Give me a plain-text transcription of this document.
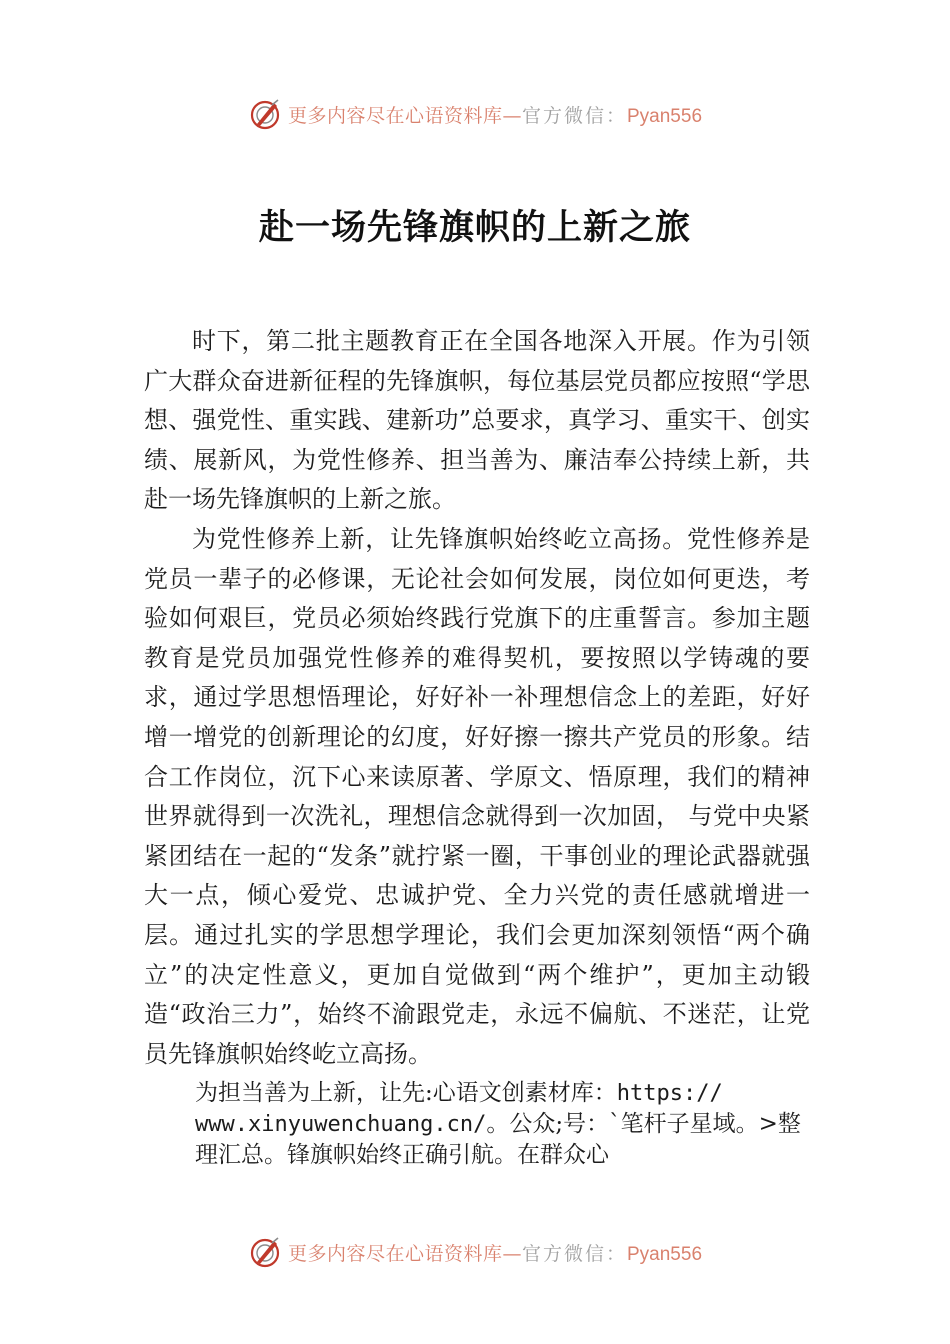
更多内容尽在心语资料库—官方微信：Pyan556
赴一场先锋旗帜的上新之旅

时下，第二批主题教育正在全国各地深入开展。作为引领广大群众奋进新征程的先锋旗帜，每位基层党员都应按照“学思想、强党性、重实践、建新功”总要求，真学习、重实干、创实绩、展新风，为党性修养、担当善为、廉洁奉公持续上新，共赴一场先锋旗帜的上新之旅。

为党性修养上新，让先锋旗帜始终屹立高扬。党性修养是党员一辈子的必修课，无论社会如何发展，岗位如何更迭，考验如何艰巨，党员必须始终践行党旗下的庄重誓言。参加主题教育是党员加强党性修养的难得契机，要按照以学铸魂的要求，通过学思想悟理论，好好补一补理想信念上的差距，好好增一增党的创新理论的幻度，好好擦一擦共产党员的形象。结合工作岗位，沉下心来读原著、学原文、悟原理，我们的精神世界就得到一次洗礼，理想信念就得到一次加固， 与党中央紧紧团结在一起的“发条”就拧紧一圈，干事创业的理论武器就强大一点，倾心爱党、忠诚护党、全力兴党的责任感就增进一层。通过扎实的学思想学理论，我们会更加深刻领悟“两个确立”的决定性意义，更加自觉做到“两个维护”，更加主动锻造“政治三力”，始终不渝跟党走，永远不偏航、不迷茫，让党员先锋旗帜始终屹立高扬。

为担当善为上新，让先:心语文创素材库：https://
www.xinyuwenchuang.cn/。公众;号：`笔杆子星域。>整
理汇总。锋旗帜始终正确引航。在群众心
更多内容尽在心语资料库—官方微信：Pyan556
